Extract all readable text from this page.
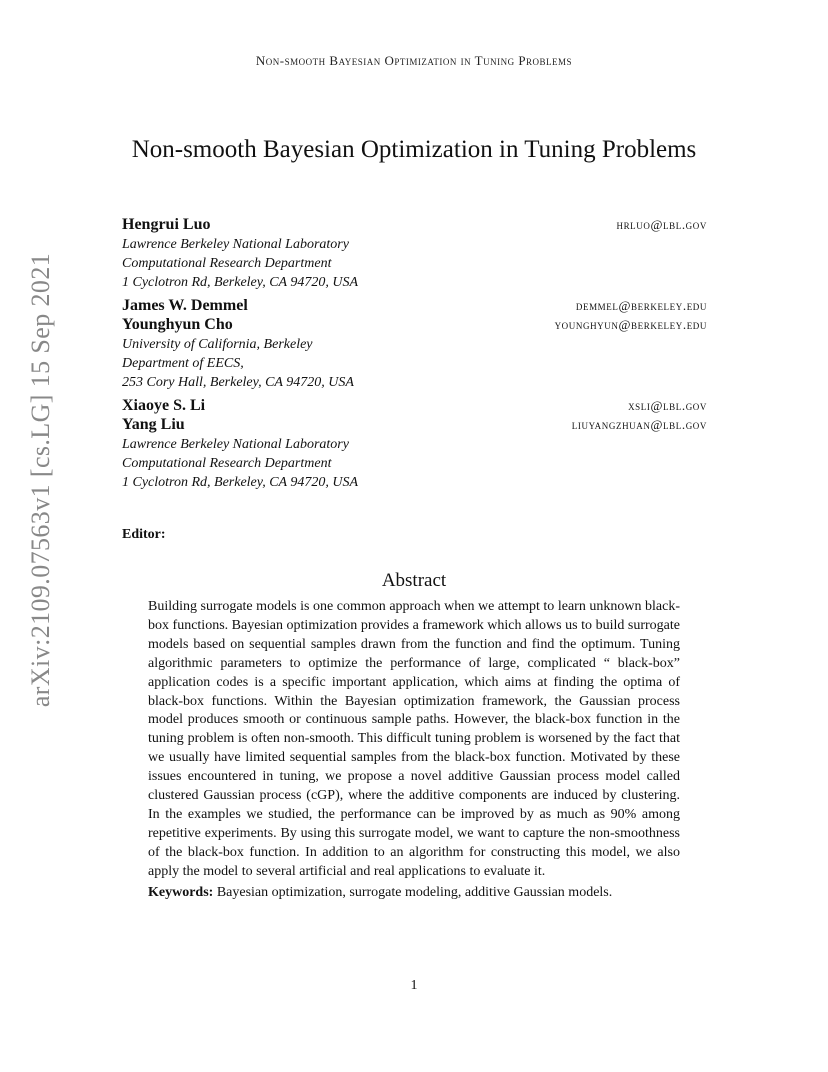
arXiv:2109.07563v1 [cs.LG] 15 Sep 2021
Non-smooth Bayesian Optimization in Tuning Problems
Non-smooth Bayesian Optimization in Tuning Problems
Hengrui Luo	hrluo@lbl.gov
Lawrence Berkeley National Laboratory
Computational Research Department
1 Cyclotron Rd, Berkeley, CA 94720, USA
James W. Demmel	demmel@berkeley.edu
Younghyun Cho	younghyun@berkeley.edu
University of California, Berkeley
Department of EECS,
253 Cory Hall, Berkeley, CA 94720, USA
Xiaoye S. Li	xsli@lbl.gov
Yang Liu	liuyangzhuan@lbl.gov
Lawrence Berkeley National Laboratory
Computational Research Department
1 Cyclotron Rd, Berkeley, CA 94720, USA
Editor:
Abstract

Building surrogate models is one common approach when we attempt to learn unknown black-box functions. Bayesian optimization provides a framework which allows us to build surrogate models based on sequential samples drawn from the function and find the optimum. Tuning algorithmic parameters to optimize the performance of large, complicated “ black-box” application codes is a specific important application, which aims at finding the optima of black-box functions. Within the Bayesian optimization framework, the Gaussian process model produces smooth or continuous sample paths. However, the black-box function in the tuning problem is often non-smooth. This difficult tuning problem is worsened by the fact that we usually have limited sequential samples from the black-box function. Motivated by these issues encountered in tuning, we propose a novel additive Gaussian process model called clustered Gaussian process (cGP), where the additive components are induced by clustering. In the examples we studied, the performance can be improved by as much as 90% among repetitive experiments. By using this surrogate model, we want to capture the non-smoothness of the black-box function. In addition to an algorithm for constructing this model, we also apply the model to several artificial and real applications to evaluate it.

Keywords: Bayesian optimization, surrogate modeling, additive Gaussian models.
1
